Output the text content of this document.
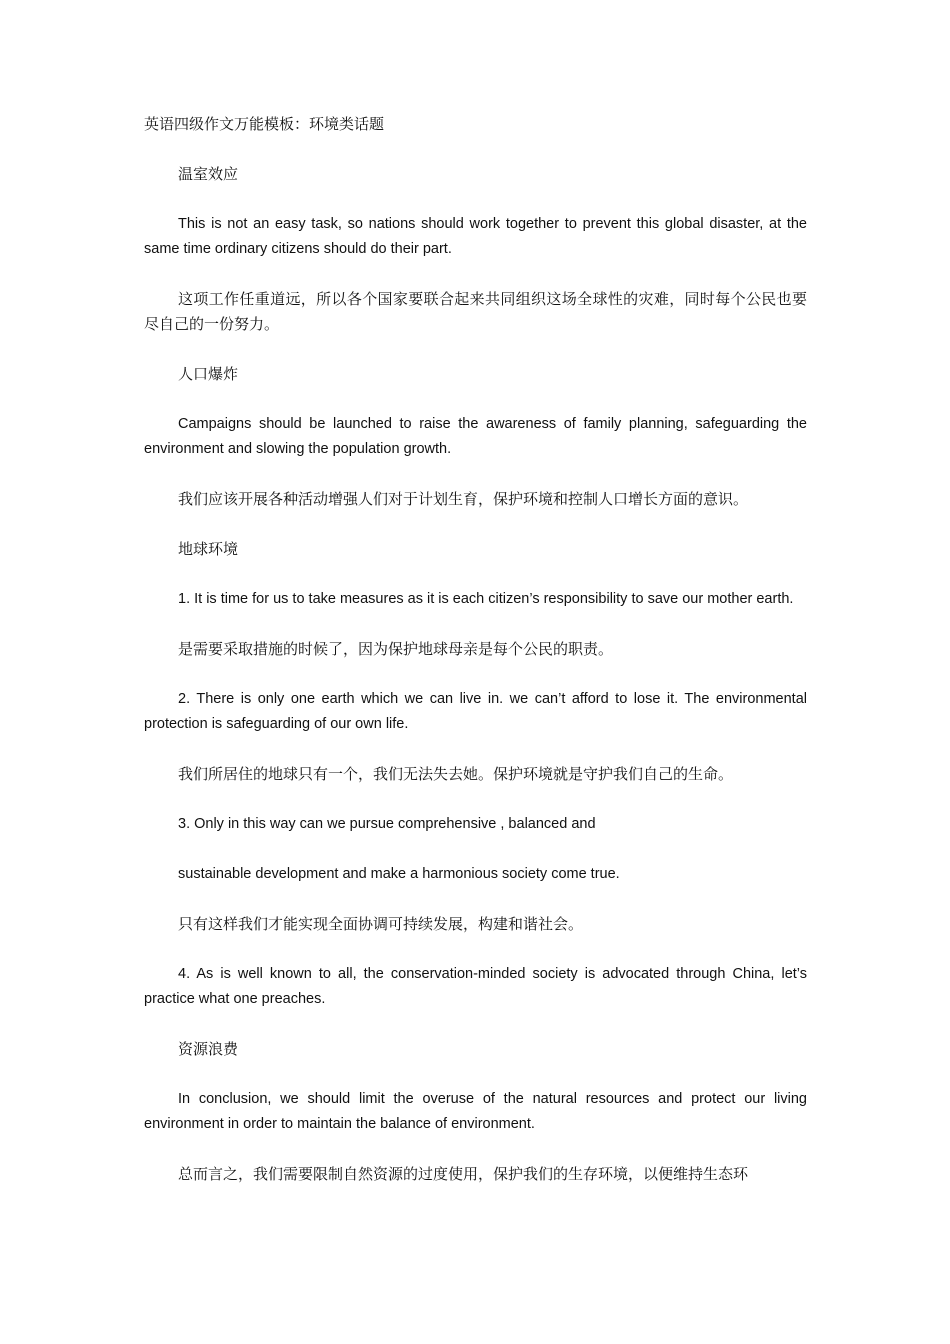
英语四级作文万能模板：环境类话题

温室效应

This is not an easy task, so nations should work together to prevent this global disaster, at the same time ordinary citizens should do their part.

这项工作任重道远，所以各个国家要联合起来共同组织这场全球性的灾难，同时每个公民也要尽自己的一份努力。

人口爆炸

Campaigns should be launched to raise the awareness of family planning, safeguarding the environment and slowing the population growth.

我们应该开展各种活动增强人们对于计划生育，保护环境和控制人口增长方面的意识。

地球环境

1. It is time for us to take measures as it is each citizen’s responsibility to save our mother earth.

是需要采取措施的时候了，因为保护地球母亲是每个公民的职责。

2. There is only one earth which we can live in. we can’t afford to lose it. The environmental protection is safeguarding of our own life.

我们所居住的地球只有一个，我们无法失去她。保护环境就是守护我们自己的生命。

3. Only in this way can we pursue comprehensive , balanced and

sustainable development and make a harmonious society come true.

只有这样我们才能实现全面协调可持续发展，构建和谐社会。

4. As is well known to all, the conservation-minded society is advocated through China, let’s practice what one preaches.

资源浪费

In conclusion, we should limit the overuse of the natural resources and protect our living environment in order to maintain the balance of environment.

总而言之，我们需要限制自然资源的过度使用，保护我们的生存环境，以便维持生态环
